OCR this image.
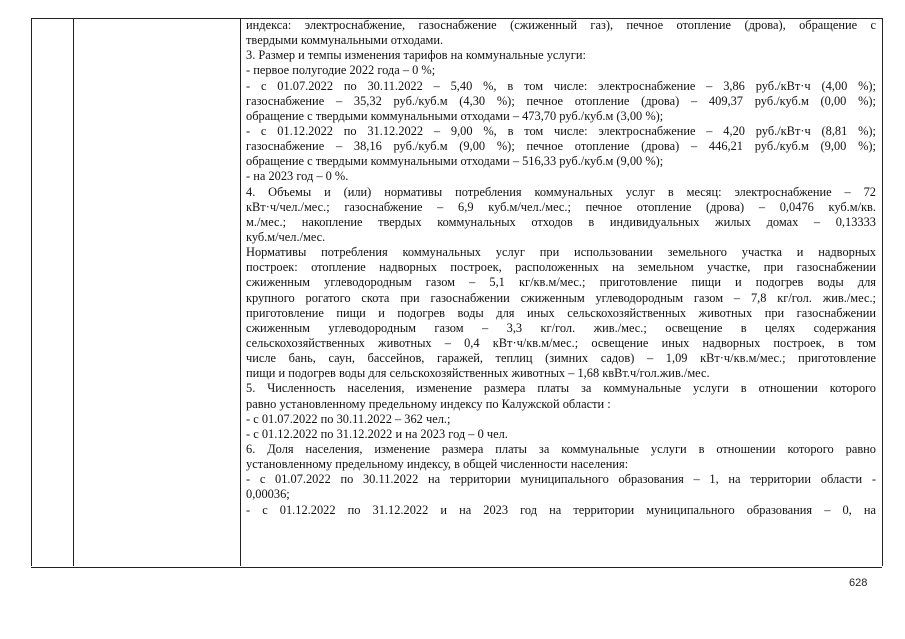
индекса: электроснабжение, газоснабжение (сжиженный газ), печное отопление (дрова), обращение с
твердыми коммунальными отходами.
3. Размер и темпы изменения тарифов на коммунальные услуги:
- первое полугодие 2022 года – 0 %;
- с 01.07.2022 по 30.11.2022 – 5,40 %, в том числе: электроснабжение – 3,86 руб./кВт·ч (4,00 %);
газоснабжение – 35,32 руб./куб.м (4,30 %); печное отопление (дрова) – 409,37 руб./куб.м (0,00 %);
обращение с твердыми коммунальными отходами – 473,70 руб./куб.м (3,00 %);
- с 01.12.2022 по 31.12.2022 – 9,00 %, в том числе: электроснабжение – 4,20 руб./кВт·ч (8,81 %);
газоснабжение – 38,16 руб./куб.м (9,00 %); печное отопление (дрова) – 446,21 руб./куб.м (9,00 %);
обращение с твердыми коммунальными отходами – 516,33 руб./куб.м (9,00 %);
- на 2023 год – 0 %.
4. Объемы и (или) нормативы потребления коммунальных услуг в месяц: электроснабжение – 72
кВт·ч/чел./мес.; газоснабжение – 6,9 куб.м/чел./мес.; печное отопление (дрова) – 0,0476 куб.м/кв.
м./мес.; накопление твердых коммунальных отходов в индивидуальных жилых домах – 0,13333
куб.м/чел./мес.
Нормативы потребления коммунальных услуг при использовании земельного участка и надворных
построек: отопление надворных построек, расположенных на земельном участке, при газоснабжении
сжиженным углеводородным газом – 5,1 кг/кв.м/мес.; приготовление пищи и подогрев воды для
крупного рогатого скота при газоснабжении сжиженным углеводородным газом – 7,8 кг/гол. жив./мес.;
приготовление пищи и подогрев воды для иных сельскохозяйственных животных при газоснабжении
сжиженным углеводородным газом – 3,3 кг/гол. жив./мес.; освещение в целях содержания
сельскохозяйственных животных – 0,4 кВт·ч/кв.м/мес.; освещение иных надворных построек, в том
числе бань, саун, бассейнов, гаражей, теплиц (зимних садов) – 1,09 кВт·ч/кв.м/мес.; приготовление
пищи и подогрев воды для сельскохозяйственных животных – 1,68 квВт.ч/гол.жив./мес.
5. Численность населения, изменение размера платы за коммунальные услуги в отношении которого
равно установленному предельному индексу по Калужской области :
- с 01.07.2022 по 30.11.2022 – 362 чел.;
- с 01.12.2022 по 31.12.2022 и на 2023 год – 0 чел.
6. Доля населения, изменение размера платы за коммунальные услуги в отношении которого равно
установленному предельному индексу, в общей численности населения:
- с 01.07.2022 по 30.11.2022 на территории муниципального образования – 1, на территории области -
0,00036;
- с 01.12.2022 по 31.12.2022 и на 2023 год на территории муниципального образования – 0, на
628
